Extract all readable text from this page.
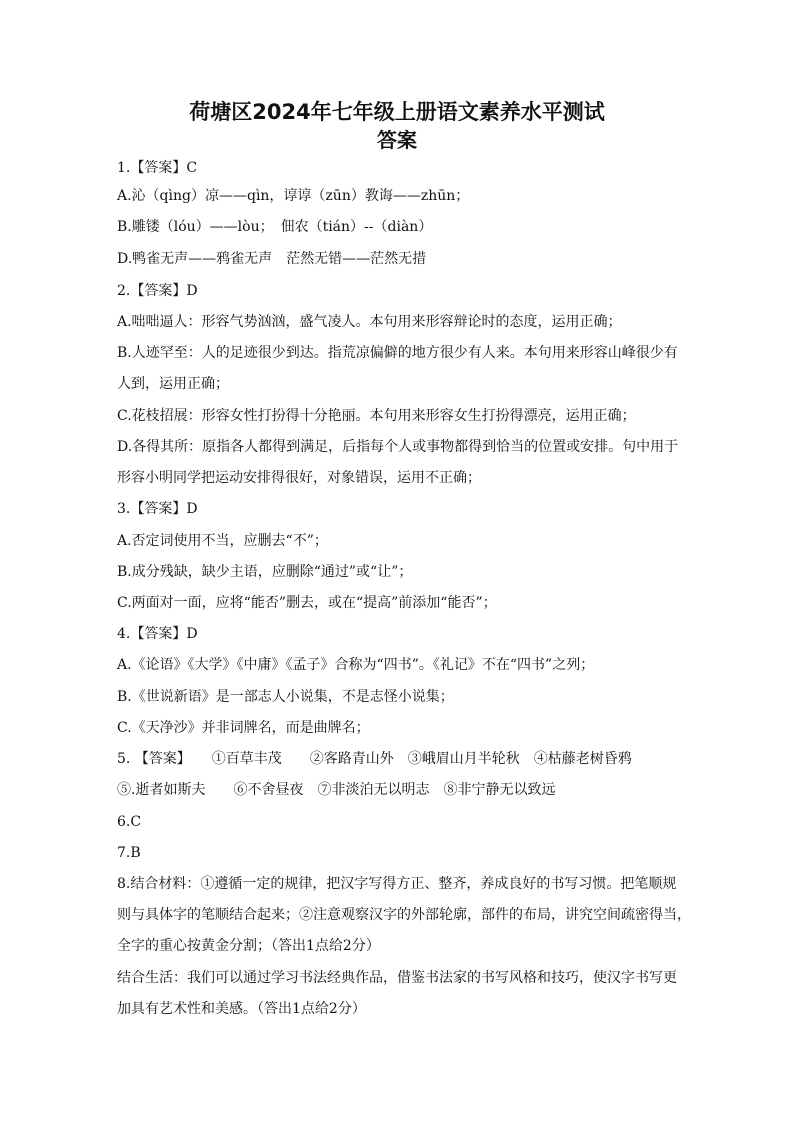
荷塘区2024年七年级上册语文素养水平测试
答案
1.【答案】C
A.沁（qìng）凉——qìn，谆谆（zūn）教诲——zhūn；
B.雕镂（lóu）——lòu；　佃农（tián）--（diàn）
D.鸭雀无声——鸦雀无声　茫然无错——茫然无措
2.【答案】D
A.咄咄逼人：形容气势汹汹，盛气凌人。本句用来形容辩论时的态度，运用正确；
B.人迹罕至：人的足迹很少到达。指荒凉偏僻的地方很少有人来。本句用来形容山峰很少有
人到，运用正确；
C.花枝招展：形容女性打扮得十分艳丽。本句用来形容女生打扮得漂亮，运用正确；
D.各得其所：原指各人都得到满足，后指每个人或事物都得到恰当的位置或安排。句中用于
形容小明同学把运动安排得很好，对象错误，运用不正确；
3.【答案】D
A.否定词使用不当，应删去“不”；
B.成分残缺，缺少主语，应删除“通过”或“让”；
C.两面对一面，应将“能否”删去，或在“提高”前添加“能否”；
4.【答案】D
A.《论语》《大学》《中庸》《孟子》合称为“四书”。《礼记》不在“四书”之列；
B.《世说新语》是一部志人小说集，不是志怪小说集；
C.《天净沙》并非词牌名，而是曲牌名；
5. 【答案】　　①百草丰茂　　②客路青山外　③峨眉山月半轮秋　④枯藤老树昏鸦
⑤.逝者如斯夫　　⑥不舍昼夜　⑦非淡泊无以明志　⑧非宁静无以致远
6.C
7.B
8.结合材料：①遵循一定的规律，把汉字写得方正、整齐，养成良好的书写习惯。把笔顺规
则与具体字的笔顺结合起来；②注意观察汉字的外部轮廓，部件的布局，讲究空间疏密得当，
全字的重心按黄金分割；（答出1点给2分）
结合生活：我们可以通过学习书法经典作品，借鉴书法家的书写风格和技巧，使汉字书写更
加具有艺术性和美感。（答出1点给2分）
